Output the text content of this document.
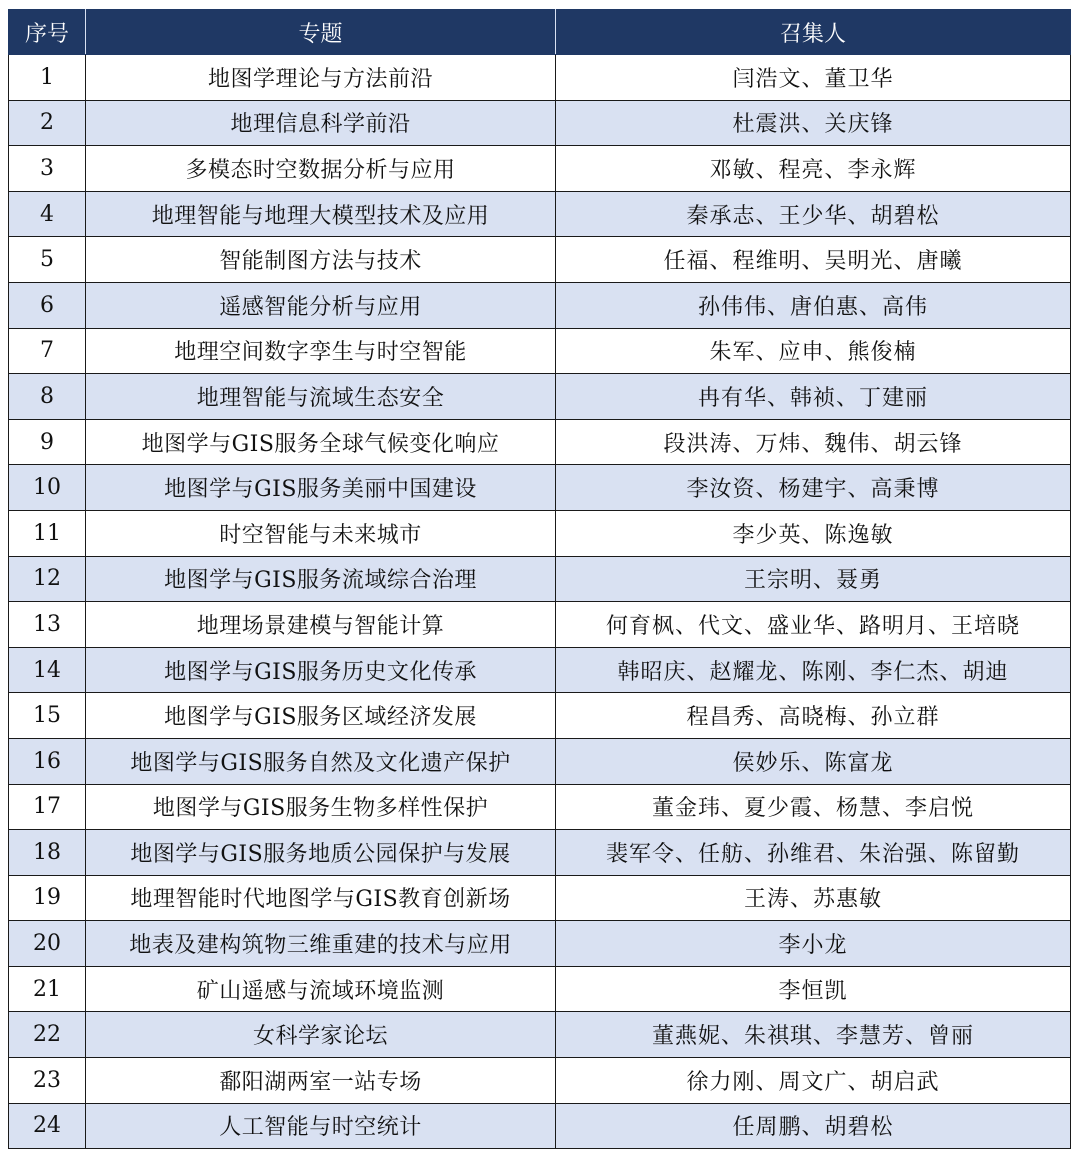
序号	专题	召集人
1	地图学理论与方法前沿	闫浩文、董卫华
2	地理信息科学前沿	杜震洪、关庆锋
3	多模态时空数据分析与应用	邓敏、程亮、李永辉
4	地理智能与地理大模型技术及应用	秦承志、王少华、胡碧松
5	智能制图方法与技术	任福、程维明、吴明光、唐曦
6	遥感智能分析与应用	孙伟伟、唐伯惠、高伟
7	地理空间数字孪生与时空智能	朱军、应申、熊俊楠
8	地理智能与流域生态安全	冉有华、韩祯、丁建丽
9	地图学与GIS服务全球气候变化响应	段洪涛、万炜、魏伟、胡云锋
10	地图学与GIS服务美丽中国建设	李汝资、杨建宇、高秉博
11	时空智能与未来城市	李少英、陈逸敏
12	地图学与GIS服务流域综合治理	王宗明、聂勇
13	地理场景建模与智能计算	何育枫、代文、盛业华、路明月、王培晓
14	地图学与GIS服务历史文化传承	韩昭庆、赵耀龙、陈刚、李仁杰、胡迪
15	地图学与GIS服务区域经济发展	程昌秀、高晓梅、孙立群
16	地图学与GIS服务自然及文化遗产保护	侯妙乐、陈富龙
17	地图学与GIS服务生物多样性保护	董金玮、夏少霞、杨慧、李启悦
18	地图学与GIS服务地质公园保护与发展	裴军令、任舫、孙维君、朱治强、陈留勤
19	地理智能时代地图学与GIS教育创新场	王涛、苏惠敏
20	地表及建构筑物三维重建的技术与应用	李小龙
21	矿山遥感与流域环境监测	李恒凯
22	女科学家论坛	董燕妮、朱祺琪、李慧芳、曾丽
23	鄱阳湖两室一站专场	徐力刚、周文广、胡启武
24	人工智能与时空统计	任周鹏、胡碧松
